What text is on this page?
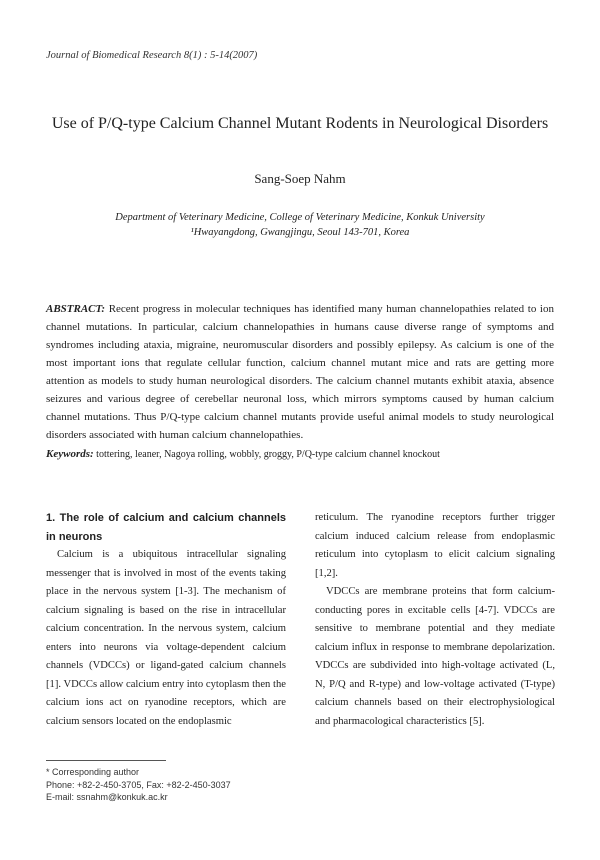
Journal of Biomedical Research 8(1) : 5-14(2007)
Use of P/Q-type Calcium Channel Mutant Rodents in Neurological Disorders
Sang-Soep Nahm
Department of Veterinary Medicine, College of Veterinary Medicine, Konkuk University
¹Hwayangdong, Gwangjingu, Seoul 143-701, Korea
ABSTRACT: Recent progress in molecular techniques has identified many human channelopathies related to ion channel mutations. In particular, calcium channelopathies in humans cause diverse range of symptoms and syndromes including ataxia, migraine, neuromuscular disorders and possibly epilepsy. As calcium is one of the most important ions that regulate cellular function, calcium channel mutant mice and rats are getting more attention as models to study human neurological disorders. The calcium channel mutants exhibit ataxia, absence seizures and various degree of cerebellar neuronal loss, which mirrors symptoms caused by human calcium channel mutations. Thus P/Q-type calcium channel mutants provide useful animal models to study neurological disorders associated with human calcium channelopathies.
Keywords: tottering, leaner, Nagoya rolling, wobbly, groggy, P/Q-type calcium channel knockout
1. The role of calcium and calcium channels in neurons

Calcium is a ubiquitous intracellular signaling messenger that is involved in most of the events taking place in the nervous system [1-3]. The mechanism of calcium signaling is based on the rise in intracellular calcium concentration. In the nervous system, calcium enters into neurons via voltage-dependent calcium channels (VDCCs) or ligand-gated calcium channels [1]. VDCCs allow calcium entry into cytoplasm then the calcium ions act on ryanodine receptors, which are calcium sensors located on the endoplasmic

reticulum. The ryanodine receptors further trigger calcium induced calcium release from endoplasmic reticulum into cytoplasm to elicit calcium signaling [1,2].

VDCCs are membrane proteins that form calcium-conducting pores in excitable cells [4-7]. VDCCs are sensitive to membrane potential and they mediate calcium influx in response to membrane depolarization. VDCCs are subdivided into high-voltage activated (L, N, P/Q and R-type) and low-voltage activated (T-type) calcium channels based on their electrophysiological and pharmacological characteristics [5].

* Corresponding author
Phone: +82-2-450-3705, Fax: +82-2-450-3037
E-mail: ssnahm@konkuk.ac.kr
